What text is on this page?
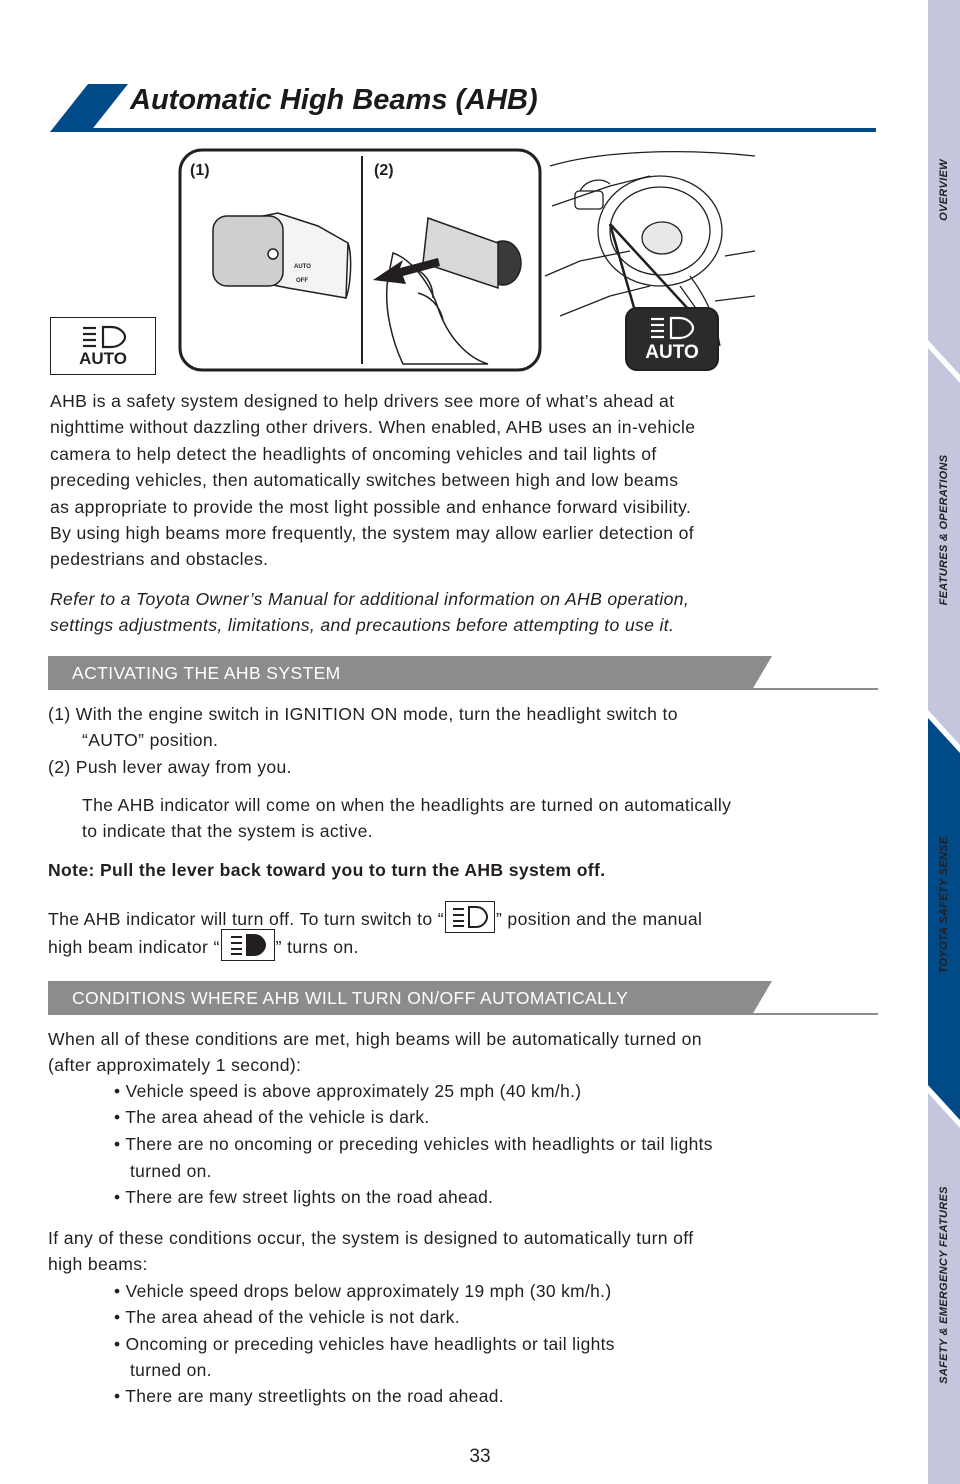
OVERVIEW
FEATURES & OPERATIONS
TOYOTA SAFETY SENSE
SAFETY & EMERGENCY FEATURES
Automatic High Beams (AHB)
(1)	(2)
AUTO
OFF
AUTO
AUTO
AHB is a safety system designed to help drivers see more of what’s ahead at
nighttime without dazzling other drivers. When enabled, AHB uses an in-vehicle
camera to help detect the headlights of oncoming vehicles and tail lights of
preceding vehicles, then automatically switches between high and low beams
as appropriate to provide the most light possible and enhance forward visibility.
By using high beams more frequently, the system may allow earlier detection of
pedestrians and obstacles.
Refer to a Toyota Owner’s Manual for additional information on AHB operation,
settings adjustments, limitations, and precautions before attempting to use it.
ACTIVATING THE AHB SYSTEM
(1) With the engine switch in IGNITION ON mode, turn the headlight switch to
“AUTO” position.
(2) Push lever away from you.
The AHB indicator will come on when the headlights are turned on automatically
to indicate that the system is active.
Note: Pull the lever back toward you to turn the AHB system off.
The AHB indicator will turn off. To turn switch to “	” position and the manual
high beam indicator “	” turns on.
CONDITIONS WHERE AHB WILL TURN ON/OFF AUTOMATICALLY
When all of these conditions are met, high beams will be automatically turned on
(after approximately 1 second):
• Vehicle speed is above approximately 25 mph (40 km/h.)
• The area ahead of the vehicle is dark.
• There are no oncoming or preceding vehicles with headlights or tail lights
turned on.
• There are few street lights on the road ahead.
If any of these conditions occur, the system is designed to automatically turn off
high beams:
• Vehicle speed drops below approximately 19 mph (30 km/h.)
• The area ahead of the vehicle is not dark.
• Oncoming or preceding vehicles have headlights or tail lights
turned on.
• There are many streetlights on the road ahead.
33
